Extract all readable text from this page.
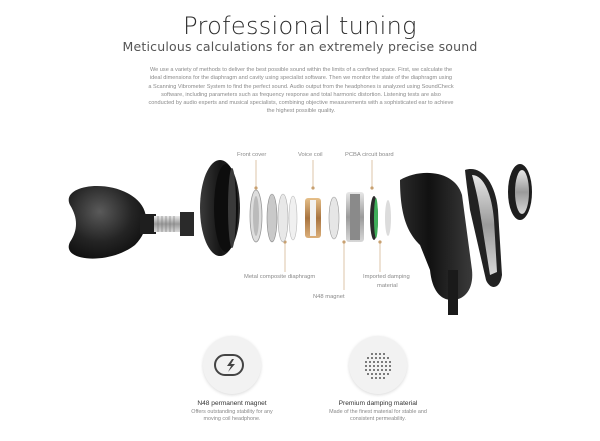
Professional tuning
Meticulous calculations for an extremely precise sound
We use a variety of methods to deliver the best possible sound within the limits of a confined space. First, we calculate the ideal dimensions for the diaphragm and cavity using specialist software. Then we monitor the state of the diaphragm using a Scanning Vibrometer System to find the perfect sound. Audio output from the headphones is analyzed using SoundCheck software, including parameters such as frequency response and total harmonic distortion. Listening tests are also conducted by audio experts and musical specialists, combining objective measurements with a sophisticated ear to achieve the highest possible quality.
Front cover	Voice coil	PCBA circuit board
Metal composite diaphragm
N48 magnet
Imported damping
material
N48 permanent magnet
Offers outstanding stability for any
moving coil headphone.
Premium damping material
Made of the finest material for stable and
consistent permeability.
